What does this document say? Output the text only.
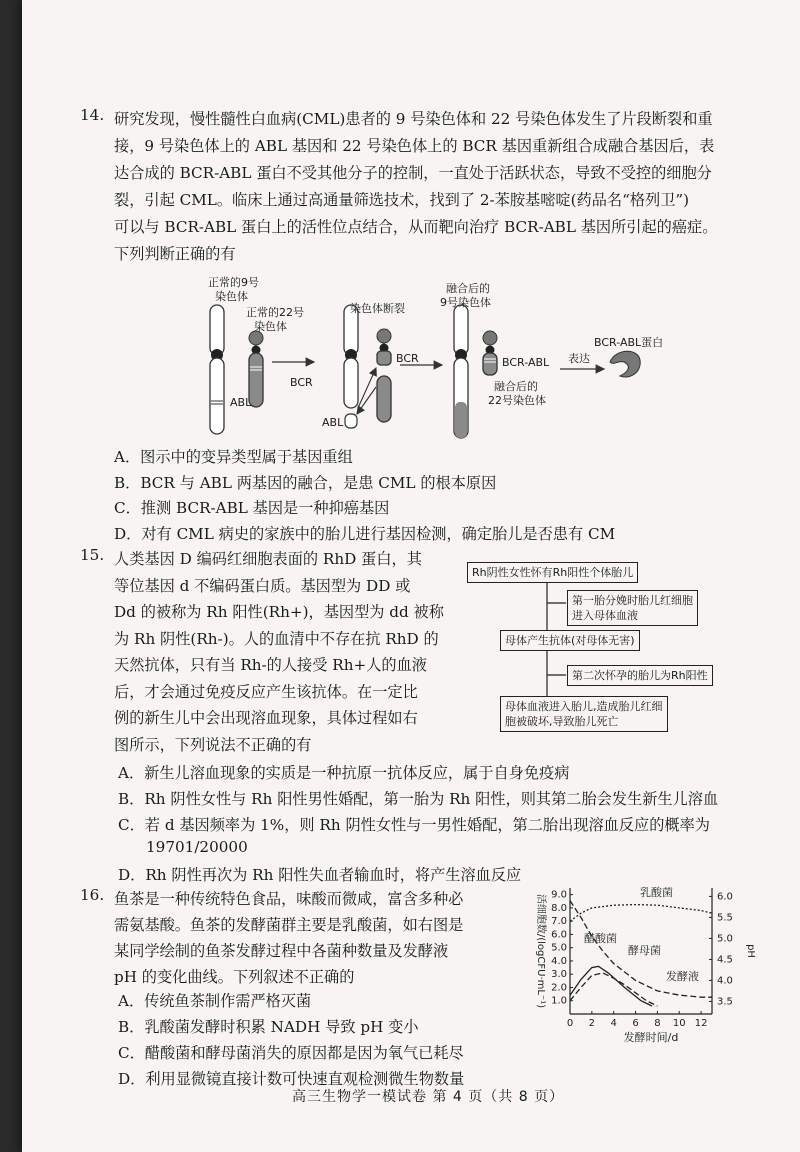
14. 研究发现，慢性髓性白血病(CML)患者的 9 号染色体和 22 号染色体发生了片段断裂和重
接，9 号染色体上的 ABL 基因和 22 号染色体上的 BCR 基因重新组合成融合基因后，表
达合成的 BCR-ABL 蛋白不受其他分子的控制，一直处于活跃状态，导致不受控的细胞分
裂，引起 CML。临床上通过高通量筛选技术，找到了 2-苯胺基嘧啶(药品名“格列卫”)
可以与 BCR-ABL 蛋白上的活性位点结合，从而靶向治疗 BCR-ABL 基因所引起的癌症。
下列判断正确的有
正常的9号
染色体
正常的22号
染色体
BCR
ABL
染色体断裂
BCR
ABL
融合后的
9号染色体
BCR-ABL
融合后的
22号染色体
表达
BCR-ABL蛋白
A．图示中的变异类型属于基因重组
B．BCR 与 ABL 两基因的融合，是患 CML 的根本原因
C．推测 BCR-ABL 基因是一种抑癌基因
D．对有 CML 病史的家族中的胎儿进行基因检测，确定胎儿是否患有 CM
15. 人类基因 D 编码红细胞表面的 RhD 蛋白，其
等位基因 d 不编码蛋白质。基因型为 DD 或
Dd 的被称为 Rh 阳性(Rh+)，基因型为 dd 被称
为 Rh 阴性(Rh-)。人的血清中不存在抗 RhD 的
天然抗体，只有当 Rh-的人接受 Rh+人的血液
后，才会通过免疫反应产生该抗体。在一定比
例的新生儿中会出现溶血现象，具体过程如右
图所示，下列说法不正确的有
Rh阴性女性怀有Rh阳性个体胎儿
第一胎分娩时胎儿红细胞
进入母体血液
母体产生抗体(对母体无害)
第二次怀孕的胎儿为Rh阳性
母体血液进入胎儿,造成胎儿红细
胞被破坏,导致胎儿死亡
A．新生儿溶血现象的实质是一种抗原一抗体反应，属于自身免疫病
B．Rh 阴性女性与 Rh 阳性男性婚配，第一胎为 Rh 阳性，则其第二胎会发生新生儿溶血
C．若 d 基因频率为 1%，则 Rh 阴性女性与一男性婚配，第二胎出现溶血反应的概率为
19701/20000
D．Rh 阴性再次为 Rh 阳性失血者输血时，将产生溶血反应
16. 鱼茶是一种传统特色食品，味酸而微咸，富含多种必
需氨基酸。鱼茶的发酵菌群主要是乳酸菌，如右图是
某同学绘制的鱼茶发酵过程中各菌种数量及发酵液
pH 的变化曲线。下列叙述不正确的
A．传统鱼茶制作需严格灭菌
B．乳酸菌发酵时积累 NADH 导致 pH 变小
C．醋酸菌和酵母菌消失的原因都是因为氧气已耗尽
D．利用显微镜直接计数可快速直观检测微生物数量
0 2 4 6 8 10 12
1.0
2.0
3.0
4.0
5.0
6.0
7.0
8.0
9.0
3.5
4.0
4.5
5.0
5.5
6.0
发酵时间/d
活细胞数/(logCFU·mL⁻¹)	pH
乳酸菌
醋酸菌
酵母菌
发酵液
高三生物学一模试卷 第 4 页（共 8 页）
